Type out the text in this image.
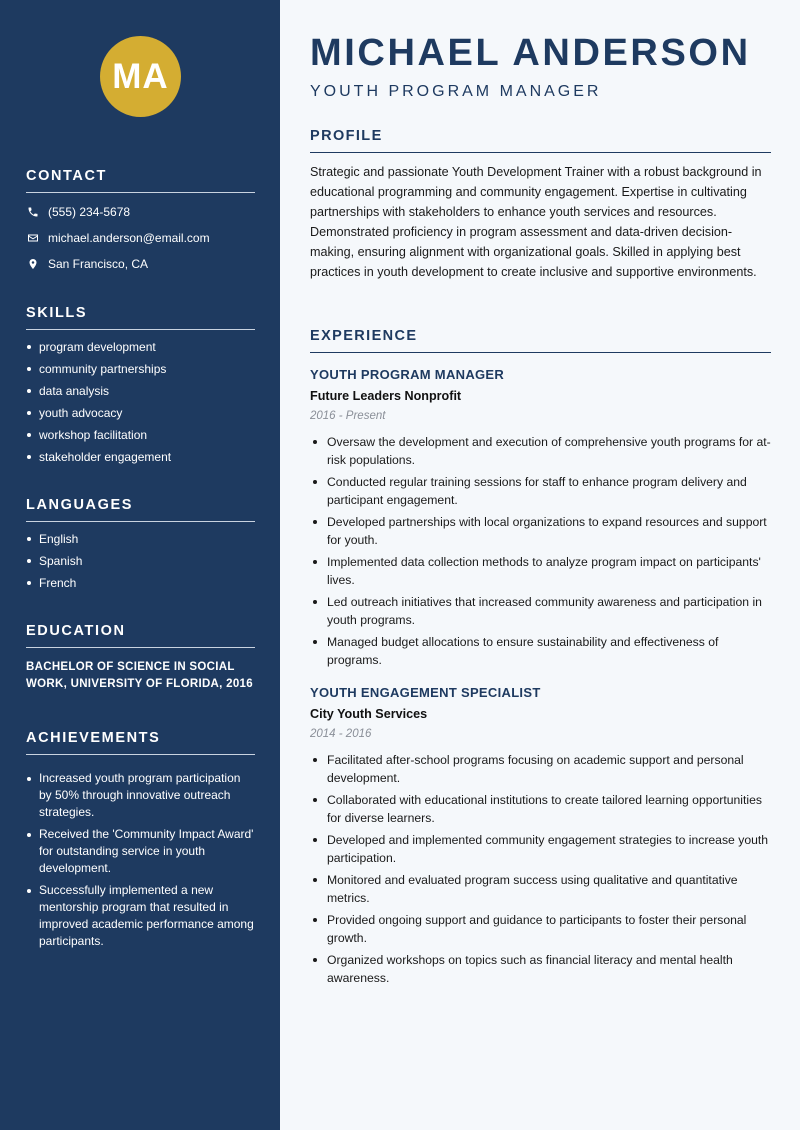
MA
CONTACT
(555) 234-5678
michael.anderson@email.com
San Francisco, CA
SKILLS
program development
community partnerships
data analysis
youth advocacy
workshop facilitation
stakeholder engagement
LANGUAGES
English
Spanish
French
EDUCATION
BACHELOR OF SCIENCE IN SOCIAL WORK, UNIVERSITY OF FLORIDA, 2016
ACHIEVEMENTS
Increased youth program participation by 50% through innovative outreach strategies.
Received the 'Community Impact Award' for outstanding service in youth development.
Successfully implemented a new mentorship program that resulted in improved academic performance among participants.
MICHAEL ANDERSON
YOUTH PROGRAM MANAGER
PROFILE

Strategic and passionate Youth Development Trainer with a robust background in educational programming and community engagement. Expertise in cultivating partnerships with stakeholders to enhance youth services and resources. Demonstrated proficiency in program assessment and data-driven decision-making, ensuring alignment with organizational goals. Skilled in applying best practices in youth development to create inclusive and supportive environments.

EXPERIENCE
YOUTH PROGRAM MANAGER
Future Leaders Nonprofit
2016 - Present
Oversaw the development and execution of comprehensive youth programs for at-risk populations.
Conducted regular training sessions for staff to enhance program delivery and participant engagement.
Developed partnerships with local organizations to expand resources and support for youth.
Implemented data collection methods to analyze program impact on participants' lives.
Led outreach initiatives that increased community awareness and participation in youth programs.
Managed budget allocations to ensure sustainability and effectiveness of programs.
YOUTH ENGAGEMENT SPECIALIST
City Youth Services
2014 - 2016
Facilitated after-school programs focusing on academic support and personal development.
Collaborated with educational institutions to create tailored learning opportunities for diverse learners.
Developed and implemented community engagement strategies to increase youth participation.
Monitored and evaluated program success using qualitative and quantitative metrics.
Provided ongoing support and guidance to participants to foster their personal growth.
Organized workshops on topics such as financial literacy and mental health awareness.
